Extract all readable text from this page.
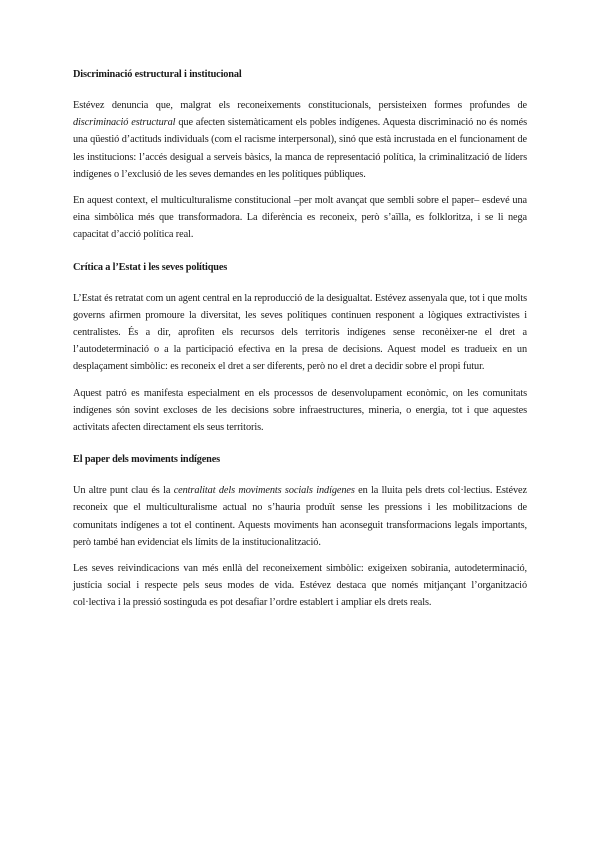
Discriminació estructural i institucional

Estévez denuncia que, malgrat els reconeixements constitucionals, persisteixen formes profundes de discriminació estructural que afecten sistemàticament els pobles indígenes. Aquesta discriminació no és només una qüestió d’actituds individuals (com el racisme interpersonal), sinó que està incrustada en el funcionament de les institucions: l’accés desigual a serveis bàsics, la manca de representació política, la criminalització de líders indígenes o l’exclusió de les seves demandes en les polítiques públiques.

En aquest context, el multiculturalisme constitucional –per molt avançat que sembli sobre el paper– esdevé una eina simbòlica més que transformadora. La diferència es reconeix, però s’aïlla, es folkloritza, i se li nega capacitat d’acció política real.

Crítica a l’Estat i les seves polítiques

L’Estat és retratat com un agent central en la reproducció de la desigualtat. Estévez assenyala que, tot i que molts governs afirmen promoure la diversitat, les seves polítiques continuen responent a lògiques extractivistes i centralistes. És a dir, aprofiten els recursos dels territoris indígenes sense reconèixer-ne el dret a l’autodeterminació o a la participació efectiva en la presa de decisions. Aquest model es tradueix en un desplaçament simbòlic: es reconeix el dret a ser diferents, però no el dret a decidir sobre el propi futur.

Aquest patró es manifesta especialment en els processos de desenvolupament econòmic, on les comunitats indígenes són sovint excloses de les decisions sobre infraestructures, mineria, o energia, tot i que aquestes activitats afecten directament els seus territoris.

El paper dels moviments indígenes

Un altre punt clau és la centralitat dels moviments socials indígenes en la lluita pels drets col·lectius. Estévez reconeix que el multiculturalisme actual no s’hauria produït sense les pressions i les mobilitzacions de comunitats indígenes a tot el continent. Aquests moviments han aconseguit transformacions legals importants, però també han evidenciat els límits de la institucionalització.

Les seves reivindicacions van més enllà del reconeixement simbòlic: exigeixen sobirania, autodeterminació, justícia social i respecte pels seus modes de vida. Estévez destaca que només mitjançant l’organització col·lectiva i la pressió sostinguda es pot desafiar l’ordre establert i ampliar els drets reals.
